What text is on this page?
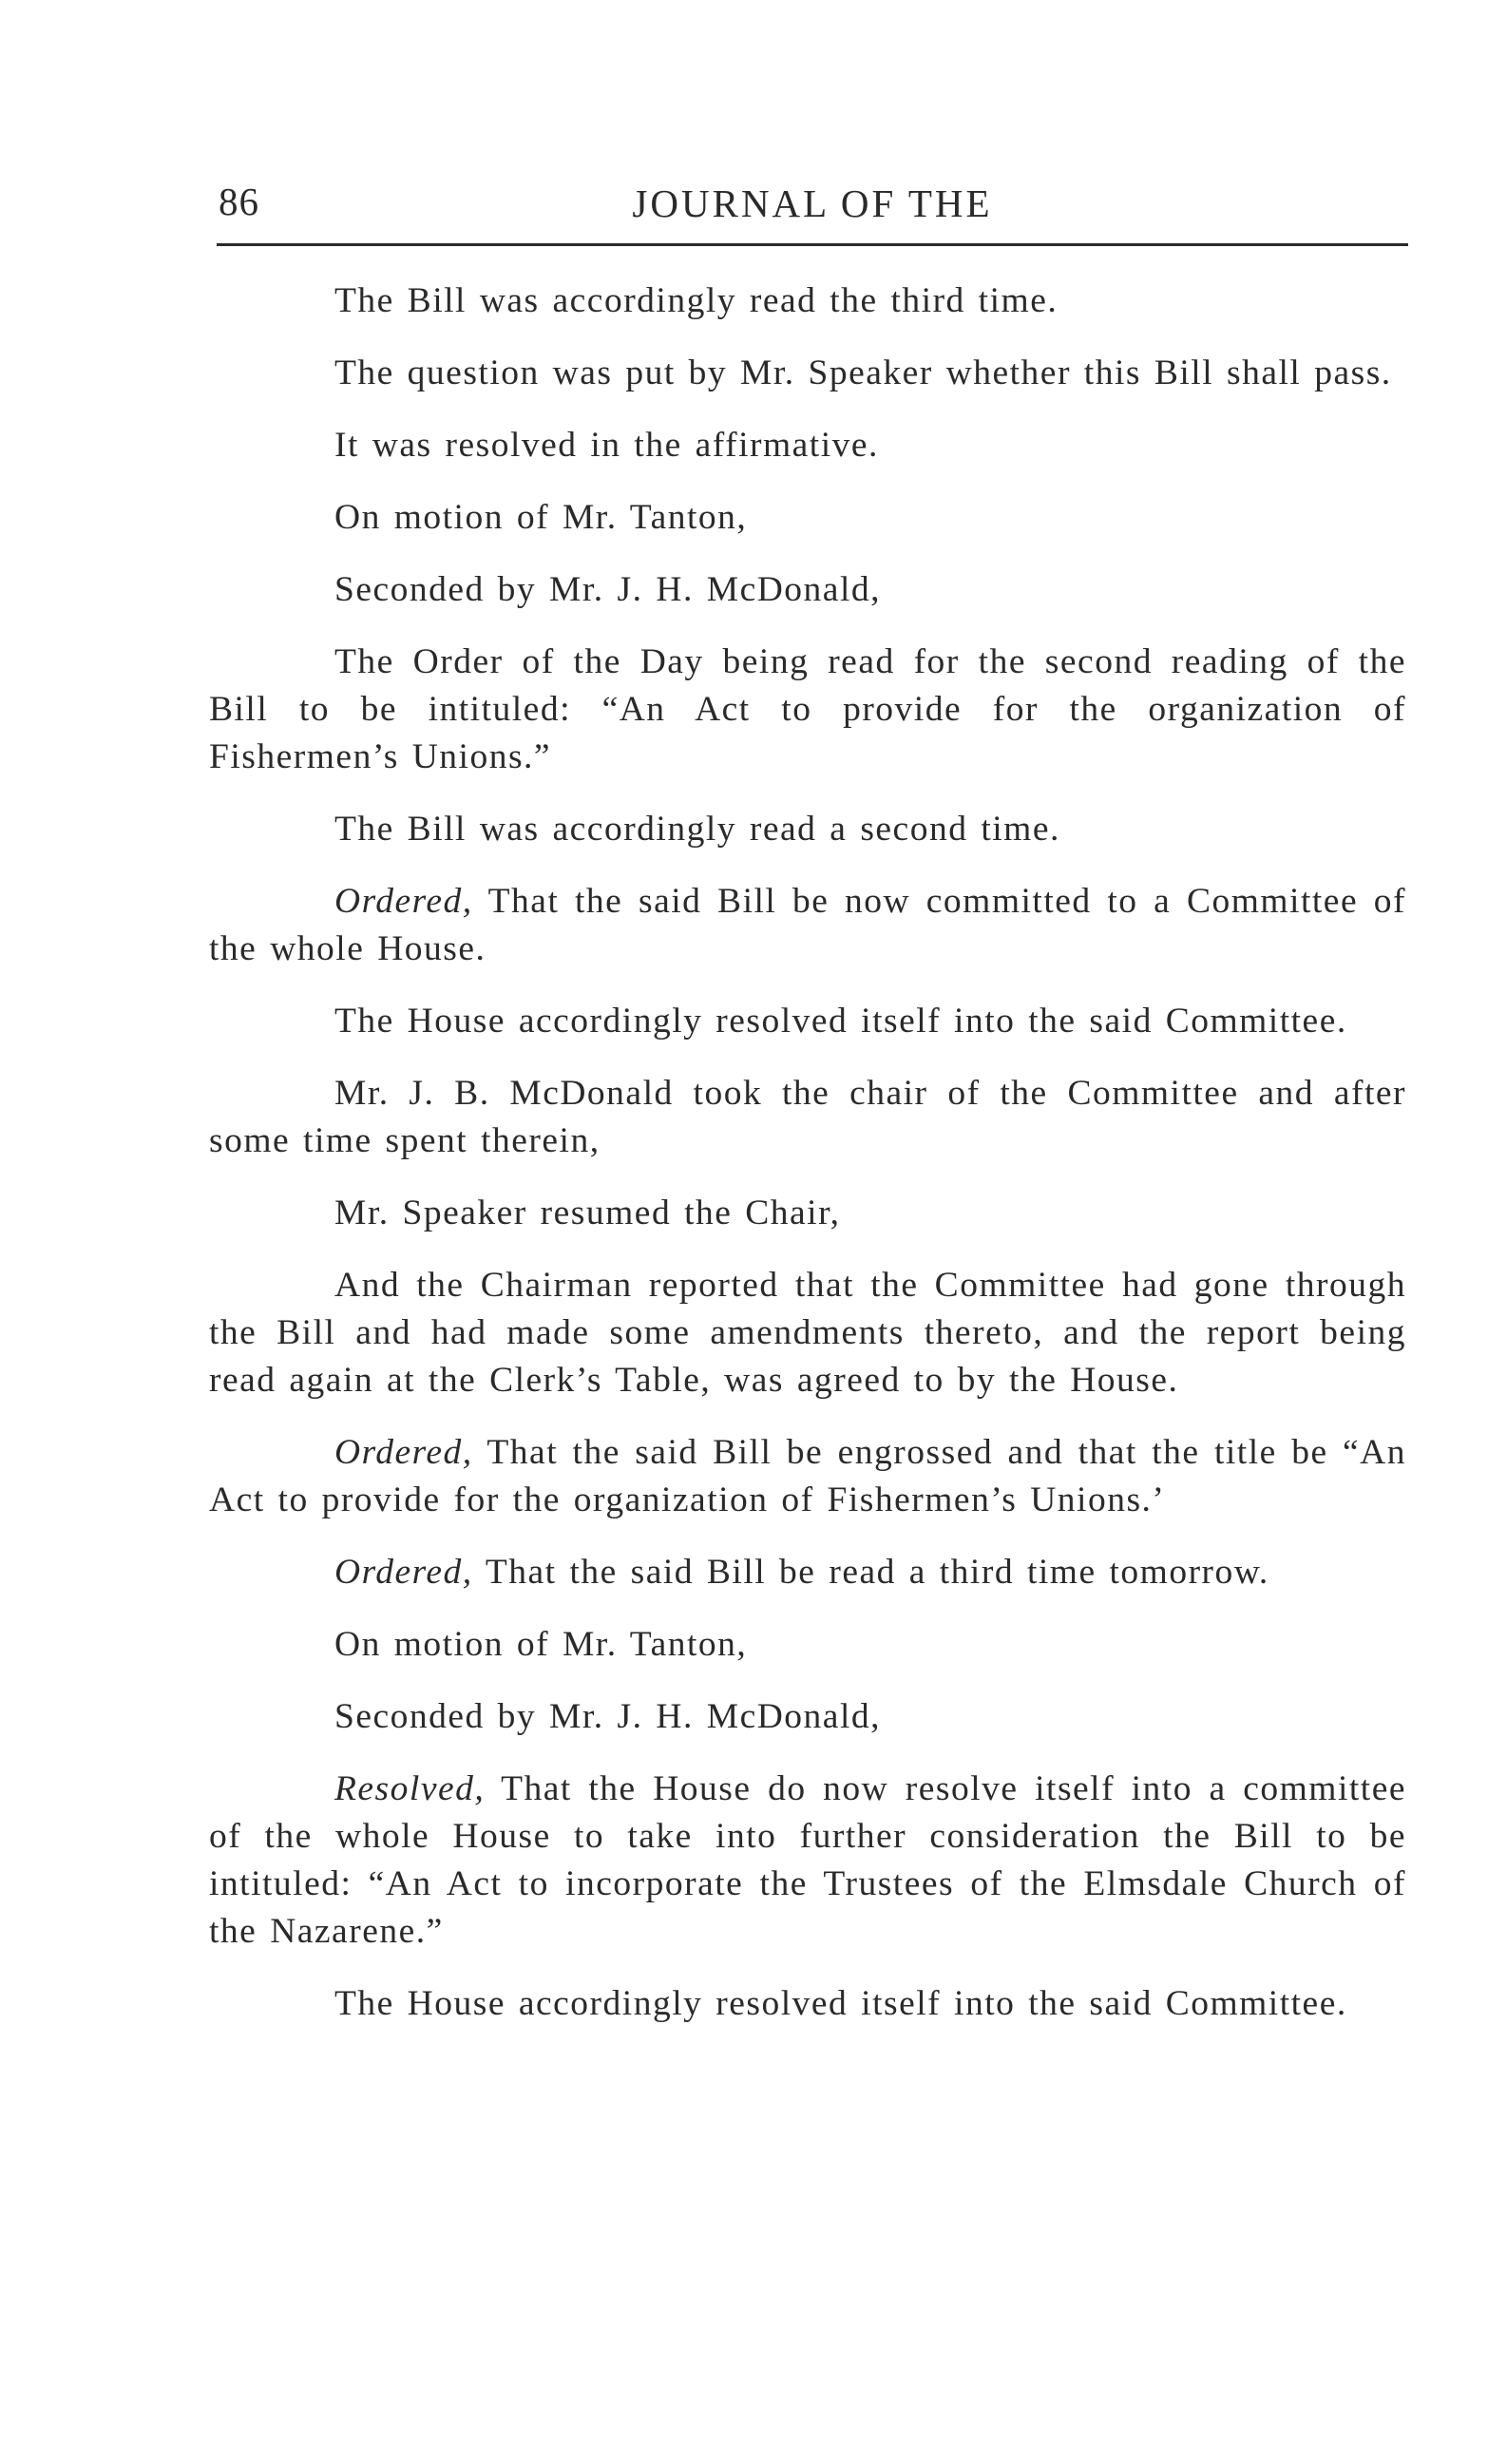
86	JOURNAL OF THE

The Bill was accordingly read the third time.

The question was put by Mr. Speaker whether this Bill shall pass.

It was resolved in the affirmative.

On motion of Mr. Tanton,

Seconded by Mr. J. H. McDonald,

The Order of the Day being read for the second reading of the Bill to be intituled: “An Act to provide for the organization of Fishermen’s Unions.”

The Bill was accordingly read a second time.

Ordered, That the said Bill be now committed to a Committee of the whole House.

The House accordingly resolved itself into the said Committee.

Mr. J. B. McDonald took the chair of the Committee and after some time spent therein,

Mr. Speaker resumed the Chair,

And the Chairman reported that the Committee had gone through the Bill and had made some amendments thereto, and the report being read again at the Clerk’s Table, was agreed to by the House.

Ordered, That the said Bill be engrossed and that the title be “An Act to provide for the organization of Fishermen’s Unions.’

Ordered, That the said Bill be read a third time tomorrow.

On motion of Mr. Tanton,

Seconded by Mr. J. H. McDonald,

Resolved, That the House do now resolve itself into a committee of the whole House to take into further consideration the Bill to be intituled: “An Act to incorporate the Trustees of the Elmsdale Church of the Nazarene.”

The House accordingly resolved itself into the said Committee.
